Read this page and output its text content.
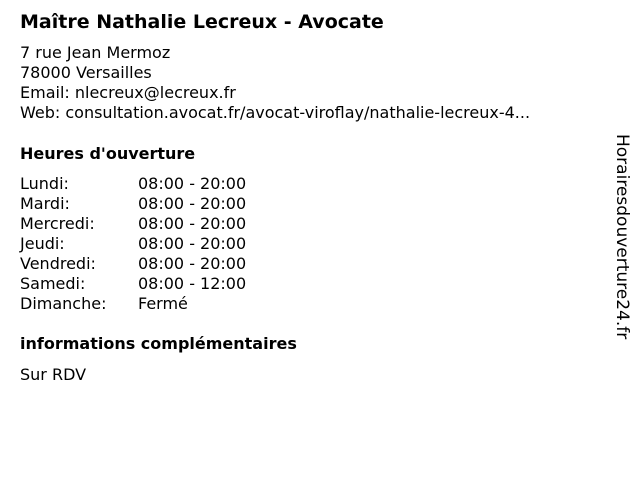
Maître Nathalie Lecreux - Avocate
7 rue Jean Mermoz
78000 Versailles
Email: nlecreux@lecreux.fr
Web: consultation.avocat.fr/avocat-viroflay/nathalie-lecreux-4...
Heures d'ouverture
Lundi:	08:00 - 20:00
Mardi:	08:00 - 20:00
Mercredi:	08:00 - 20:00
Jeudi:	08:00 - 20:00
Vendredi:	08:00 - 20:00
Samedi:	08:00 - 12:00
Dimanche:	Fermé
informations complémentaires
Sur RDV
Horairesdouverture24.fr
